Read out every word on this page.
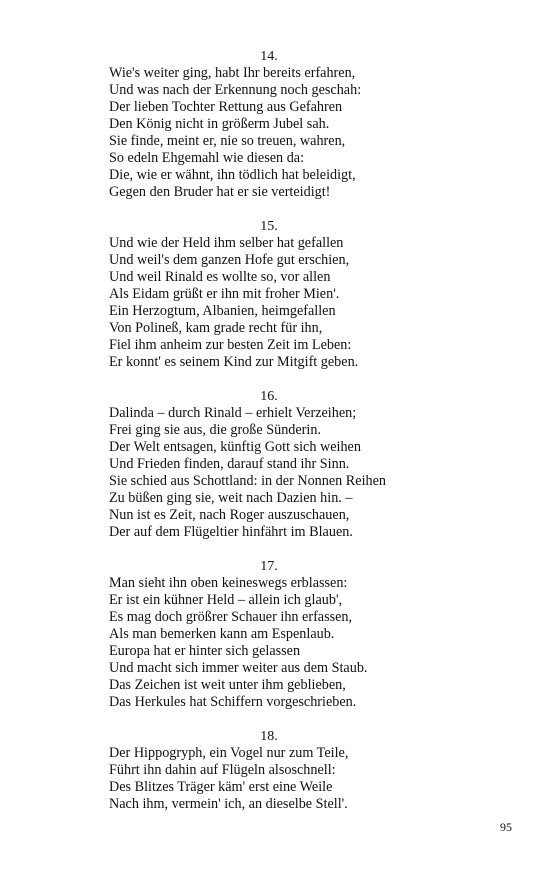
14.
Wie's weiter ging, habt Ihr bereits erfahren,
Und was nach der Erkennung noch geschah:
Der lieben Tochter Rettung aus Gefahren
Den König nicht in größerm Jubel sah.
Sie finde, meint er, nie so treuen, wahren,
So edeln Ehgemahl wie diesen da:
Die, wie er wähnt, ihn tödlich hat beleidigt,
Gegen den Bruder hat er sie verteidigt!
15.
Und wie der Held ihm selber hat gefallen
Und weil's dem ganzen Hofe gut erschien,
Und weil Rinald es wollte so, vor allen
Als Eidam grüßt er ihn mit froher Mien'.
Ein Herzogtum, Albanien, heimgefallen
Von Polineß, kam grade recht für ihn,
Fiel ihm anheim zur besten Zeit im Leben:
Er konnt' es seinem Kind zur Mitgift geben.
16.
Dalinda – durch Rinald – erhielt Verzeihen;
Frei ging sie aus, die große Sünderin.
Der Welt entsagen, künftig Gott sich weihen
Und Frieden finden, darauf stand ihr Sinn.
Sie schied aus Schottland: in der Nonnen Reihen
Zu büßen ging sie, weit nach Dazien hin. –
Nun ist es Zeit, nach Roger auszuschauen,
Der auf dem Flügeltier hinfährt im Blauen.
17.
Man sieht ihn oben keineswegs erblassen:
Er ist ein kühner Held – allein ich glaub',
Es mag doch größrer Schauer ihn erfassen,
Als man bemerken kann am Espenlaub.
Europa hat er hinter sich gelassen
Und macht sich immer weiter aus dem Staub.
Das Zeichen ist weit unter ihm geblieben,
Das Herkules hat Schiffern vorgeschrieben.
18.
Der Hippogryph, ein Vogel nur zum Teile,
Führt ihn dahin auf Flügeln alsoschnell:
Des Blitzes Träger käm' erst eine Weile
Nach ihm, vermein' ich, an dieselbe Stell'.
95
